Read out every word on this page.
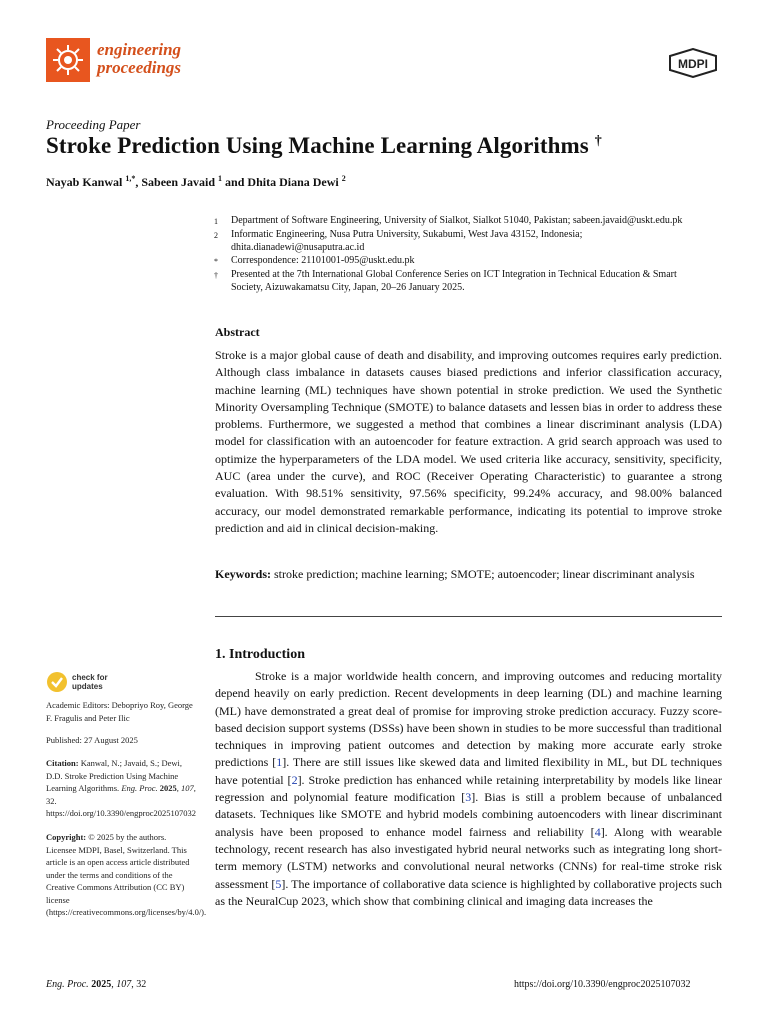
engineering
proceedings	MDPI
Proceeding Paper
Stroke Prediction Using Machine Learning Algorithms †
Nayab Kanwal $^{1,*}$, Sabeen Javaid $^1$ and Dhita Diana Dewi $^2$
1	Department of Software Engineering, University of Sialkot, Sialkot 51040, Pakistan; sabeen.javaid@uskt.edu.pk
2	Informatic Engineering, Nusa Putra University, Sukabumi, West Java 43152, Indonesia; dhita.dianadewi@nusaputra.ac.id
*	Correspondence: 21101001-095@uskt.edu.pk
†	Presented at the 7th International Global Conference Series on ICT Integration in Technical Education & Smart Society, Aizuwakamatsu City, Japan, 20–26 January 2025.
Abstract
Stroke is a major global cause of death and disability, and improving outcomes requires early prediction. Although class imbalance in datasets causes biased predictions and inferior classification accuracy, machine learning (ML) techniques have shown potential in stroke prediction. We used the Synthetic Minority Oversampling Technique (SMOTE) to balance datasets and lessen bias in order to address these problems. Furthermore, we suggested a method that combines a linear discriminant analysis (LDA) model for classification with an autoencoder for feature extraction. A grid search approach was used to optimize the hyperparameters of the LDA model. We used criteria like accuracy, sensitivity, specificity, AUC (area under the curve), and ROC (Receiver Operating Characteristic) to guarantee a strong evaluation. With 98.51% sensitivity, 97.56% specificity, 99.24% accuracy, and 98.00% balanced accuracy, our model demonstrated remarkable performance, indicating its potential to improve stroke prediction and aid in clinical decision-making.
Keywords: stroke prediction; machine learning; SMOTE; autoencoder; linear discriminant analysis
1. Introduction
Stroke is a major worldwide health concern, and improving outcomes and reducing mortality depend heavily on early prediction. Recent developments in deep learning (DL) and machine learning (ML) have demonstrated a great deal of promise for improving stroke prediction accuracy. Fuzzy score-based decision support systems (DSSs) have been shown in studies to be more successful than traditional techniques in improving patient outcomes and detection by making more accurate early stroke predictions [1]. There are still issues like skewed data and limited flexibility in ML, but DL techniques have potential [2]. Stroke prediction has enhanced while retaining interpretability by models like linear regression and polynomial feature modification [3]. Bias is still a problem because of unbalanced datasets. Techniques like SMOTE and hybrid models combining autoencoders with linear discriminant analysis have been proposed to enhance model fairness and reliability [4]. Along with wearable technology, recent research has also investigated hybrid neural networks such as integrating long short-term memory (LSTM) networks and convolutional neural networks (CNNs) for real-time stroke risk assessment [5]. The importance of collaborative data science is highlighted by collaborative projects such as the NeuralCup 2023, which show that combining clinical and imaging data increases the
check for
updates
Academic Editors: Debopriyo Roy, George F. Fragulis and Peter Ilic
Published: 27 August 2025
Citation: Kanwal, N.; Javaid, S.; Dewi, D.D. Stroke Prediction Using Machine Learning Algorithms. Eng. Proc. 2025, 107, 32. https://doi.org/10.3390/engproc2025107032
Copyright: © 2025 by the authors. Licensee MDPI, Basel, Switzerland. This article is an open access article distributed under the terms and conditions of the Creative Commons Attribution (CC BY) license (https://creativecommons.org/licenses/by/4.0/).
Eng. Proc. 2025, 107, 32	https://doi.org/10.3390/engproc2025107032
